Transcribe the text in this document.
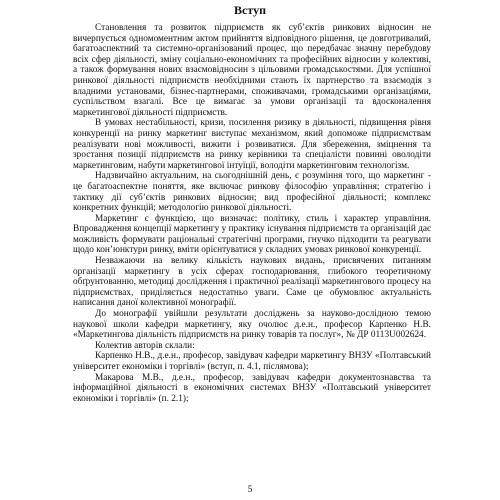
Вступ

Становлення та розвиток підприємств як суб’єктів ринкових відносин не вичерпується одномоментним актом прийняття відповідного рішення, це довготривалий, багатоаспектний та системно-організований процес, що передбачає значну перебудову всіх сфер діяльності, зміну соціально-економічних та професійних відносин у колективі, а також формування нових взаємовідносин з цільовими громадськостями. Для успішної ринкової діяльності підприємств необхідними стають їх партнерство та взаємодія з владними установами, бізнес-партнерами, споживачами, громадськими організаціями, суспільством взагалі. Все це вимагає за умови організації та вдосконалення маркетингової діяльності підприємств.

В умовах нестабільності, кризи, посилення ризику в діяльності, підвищення рівня конкуренції на ринку маркетинг виступає механізмом, який допоможе підприємствам реалізувати нові можливості, вижити і розвиватися. Для збереження, зміцнення та зростання позиції підприємств на ринку керівники та спеціалісти повинні оволодіти маркетинговим, набути маркетингової інтуїції, володіти маркетинговим технологізм.

Надзвичайно актуальним, на сьогоднішній день, є розуміння того, що маркетинг - це багатоаспектне поняття, яке включає ринкову філософію управління; стратегію і тактику дії суб’єктів ринкових відносин; вид професійної діяльності; комплекс конкретних функцій; методологію ринкової діяльності.

Маркетинг є функцією, що визначає: політику, стиль і характер управління. Впровадження концепції маркетингу у практику існування підприємств та організацій дає можливість формувати раціональні стратегічні програми, гнучко підходити та реагувати щодо кон’юнктури ринку, вміти орієнтуватися у складних умовах ринкової конкуренції.

Незважаючи на велику кількість наукових видань, присвячених питанням організації маркетингу в усіх сферах господарювання, глибокого теоретичному обґрунтованню, методиці дослідження і практичної реалізації маркетингового процесу на підприємствах, приділяється недостатньо уваги. Саме це обумовлює актуальність написання даної колективної монографії.

До монографії увійшли результати досліджень за науково-дослідною темою наукової школи кафедри маркетингу, яку очолює д.е.н., професор Карпенко Н.В. «Маркетингова діяльність підприємств на ринку товарів та послуг», № ДР 0113U002624.

Колектив авторів склали:

Карпенко Н.В., д.е.н., професор, завідувач кафедри маркетингу ВНЗУ «Полтавський університет економіки і торгівлі» (вступ, п. 4.1, післямова);

Макарова М.В., д.е.н., професор, завідувач кафедри документознавства та інформаційної діяльності в економічних системах ВНЗУ «Полтавський університет економіки і торгівлі» (п. 2.1);

5
